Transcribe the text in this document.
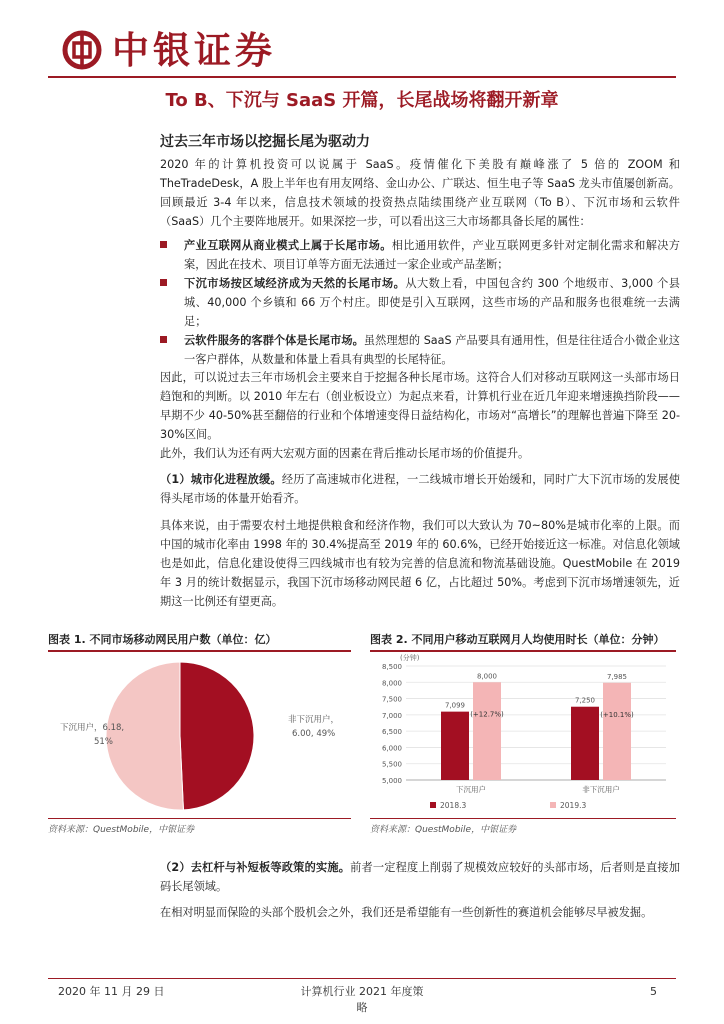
中银证券
To B、下沉与 SaaS 开篇，长尾战场将翻开新章
过去三年市场以挖掘长尾为驱动力
2020 年的计算机投资可以说属于 SaaS。疫情催化下美股有巅峰涨了 5 倍的 ZOOM 和 TheTradeDesk，A 股上半年也有用友网络、金山办公、广联达、恒生电子等 SaaS 龙头市值屡创新高。回顾最近 3-4 年以来，信息技术领域的投资热点陆续围绕产业互联网（To B）、下沉市场和云软件（SaaS）几个主要阵地展开。如果深挖一步，可以看出这三大市场都具备长尾的属性：
产业互联网从商业模式上属于长尾市场。相比通用软件，产业互联网更多针对定制化需求和解决方案，因此在技术、项目订单等方面无法通过一家企业或产品垄断；
下沉市场按区域经济成为天然的长尾市场。从大数上看，中国包含约 300 个地级市、3,000 个县城、40,000 个乡镇和 66 万个村庄。即使是引入互联网，这些市场的产品和服务也很难统一去满足；
云软件服务的客群个体是长尾市场。虽然理想的 SaaS 产品要具有通用性，但是往往适合小微企业这一客户群体，从数量和体量上看具有典型的长尾特征。
因此，可以说过去三年市场机会主要来自于挖掘各种长尾市场。这符合人们对移动互联网这一头部市场日趋饱和的判断。以 2010 年左右（创业板设立）为起点来看，计算机行业在近几年迎来增速换挡阶段——早期不少 40-50%甚至翻倍的行业和个体增速变得日益结构化，市场对“高增长”的理解也普遍下降至 20-30%区间。
此外，我们认为还有两大宏观方面的因素在背后推动长尾市场的价值提升。
（1）城市化进程放缓。经历了高速城市化进程，一二线城市增长开始缓和，同时广大下沉市场的发展使得头尾市场的体量开始看齐。
具体来说，由于需要农村土地提供粮食和经济作物，我们可以大致认为 70~80%是城市化率的上限。而中国的城市化率由 1998 年的 30.4%提高至 2019 年的 60.6%，已经开始接近这一标准。对信息化领域也是如此，信息化建设使得三四线城市也有较为完善的信息流和物流基础设施。QuestMobile 在 2019 年 3 月的统计数据显示，我国下沉市场移动网民超 6 亿，占比超过 50%。考虑到下沉市场增速领先，近期这一比例还有望更高。
图表 1. 不同市场移动网民用户数（单位：亿）
非下沉用户，
6.00, 49%
下沉用户，6.18,
51%
资料来源：QuestMobile，中银证券
图表 2. 不同用户移动互联网月人均使用时长（单位：分钟）
(分钟)
5,000
5,500
6,000
6,500
7,000
7,500
8,000
8,500
7,099
8,000
(+12.7%)
下沉用户
7,250
7,985
(+10.1%)
非下沉用户
2018.3	2019.3
资料来源：QuestMobile，中银证券
（2）去杠杆与补短板等政策的实施。前者一定程度上削弱了规模效应较好的头部市场，后者则是直接加码长尾领域。
在相对明显而保险的头部个股机会之外，我们还是希望能有一些创新性的赛道机会能够尽早被发掘。
2020 年 11 月 29 日	计算机行业 2021 年度策略
5
